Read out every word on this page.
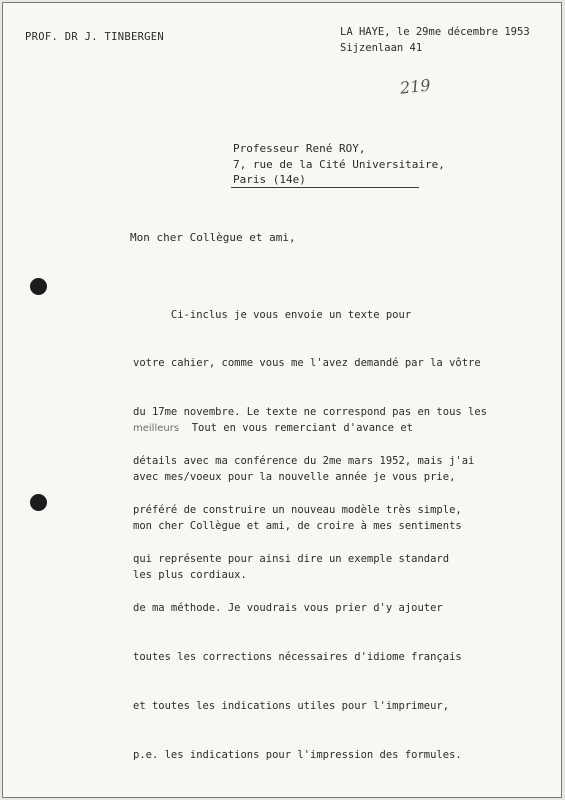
PROF. DR J. TINBERGEN	LA HAYE, le 29me décembre 1953
Sijzenlaan 41
219
Professeur René ROY,
7, rue de la Cité Universitaire,
Paris (14e)
Mon cher Collègue et ami,

Ci-inclus je vous envoie un texte pour

votre cahier, comme vous me l'avez demandé par la vôtre

du 17me novembre. Le texte ne correspond pas en tous les

détails avec ma conférence du 2me mars 1952, mais j'ai

préféré de construire un nouveau modèle très simple,

qui représente pour ainsi dire un exemple standard

de ma méthode. Je voudrais vous prier d'y ajouter

toutes les corrections nécessaires d'idiome français

et toutes les indications utiles pour l'imprimeur,

p.e. les indications pour l'impression des formules.

meilleurs Tout en vous remerciant d'avance et

avec mes/voeux pour la nouvelle année je vous prie,

mon cher Collègue et ami, de croire à mes sentiments

les plus cordiaux.
